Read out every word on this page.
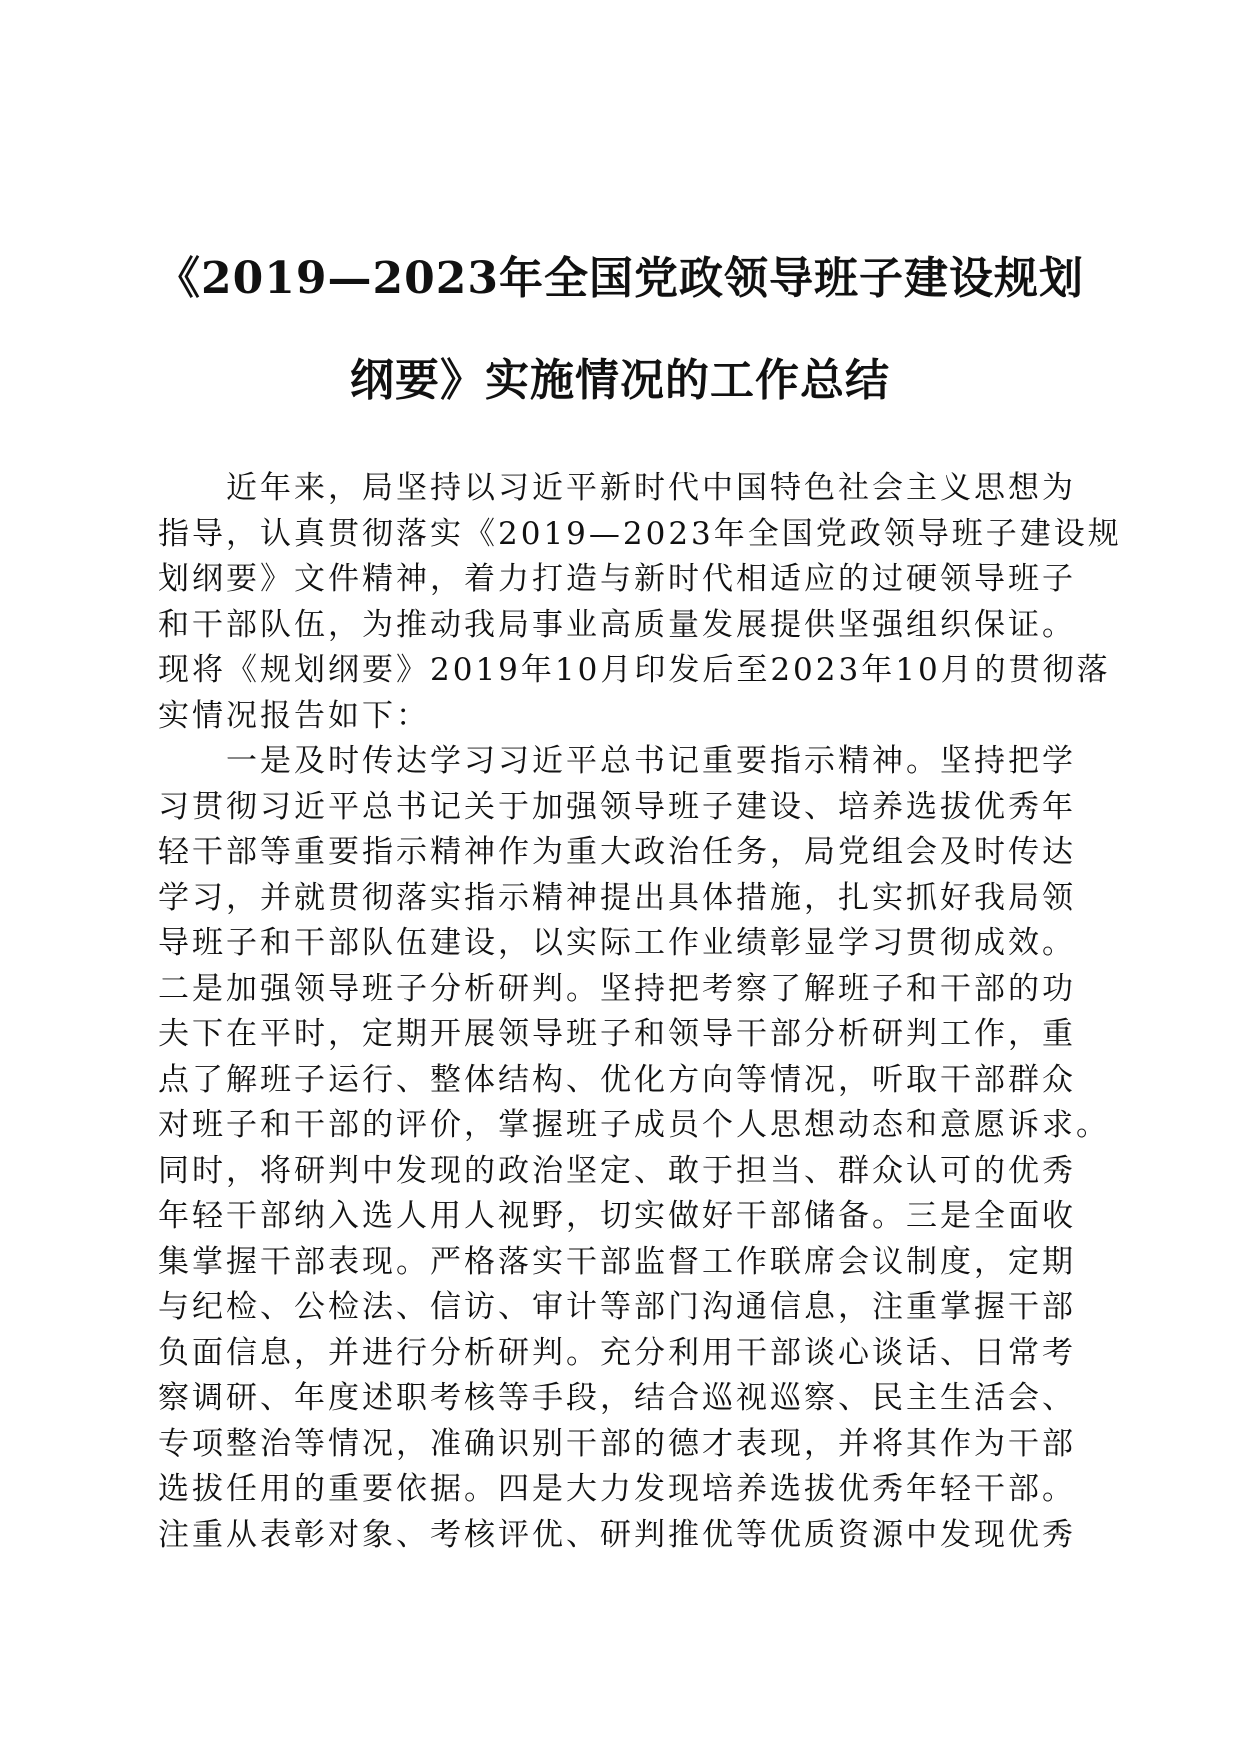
《2019—2023年全国党政领导班子建设规划
纲要》实施情况的工作总结
近年来，局坚持以习近平新时代中国特色社会主义思想为
指导，认真贯彻落实《2019—2023年全国党政领导班子建设规
划纲要》文件精神，着力打造与新时代相适应的过硬领导班子
和干部队伍，为推动我局事业高质量发展提供坚强组织保证。
现将《规划纲要》2019年10月印发后至2023年10月的贯彻落
实情况报告如下：
一是及时传达学习习近平总书记重要指示精神。坚持把学
习贯彻习近平总书记关于加强领导班子建设、培养选拔优秀年
轻干部等重要指示精神作为重大政治任务，局党组会及时传达
学习，并就贯彻落实指示精神提出具体措施，扎实抓好我局领
导班子和干部队伍建设，以实际工作业绩彰显学习贯彻成效。
二是加强领导班子分析研判。坚持把考察了解班子和干部的功
夫下在平时，定期开展领导班子和领导干部分析研判工作，重
点了解班子运行、整体结构、优化方向等情况，听取干部群众
对班子和干部的评价，掌握班子成员个人思想动态和意愿诉求。
同时，将研判中发现的政治坚定、敢于担当、群众认可的优秀
年轻干部纳入选人用人视野，切实做好干部储备。三是全面收
集掌握干部表现。严格落实干部监督工作联席会议制度，定期
与纪检、公检法、信访、审计等部门沟通信息，注重掌握干部
负面信息，并进行分析研判。充分利用干部谈心谈话、日常考
察调研、年度述职考核等手段，结合巡视巡察、民主生活会、
专项整治等情况，准确识别干部的德才表现，并将其作为干部
选拔任用的重要依据。四是大力发现培养选拔优秀年轻干部。
注重从表彰对象、考核评优、研判推优等优质资源中发现优秀
